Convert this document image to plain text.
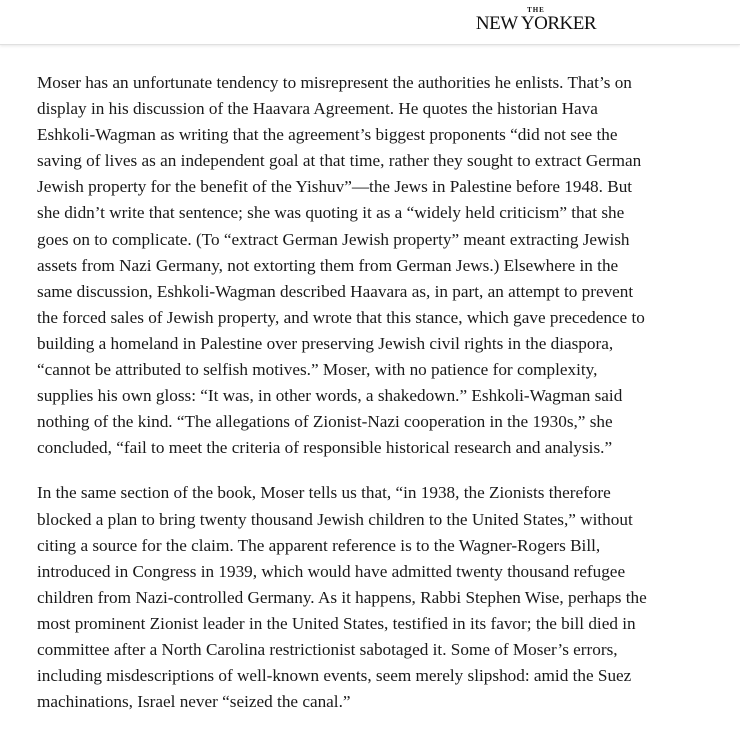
THE
NEW YORKER

Moser has an unfortunate tendency to misrepresent the authorities he enlists. That’s on display in his discussion of the Haavara Agreement. He quotes the historian Hava Eshkoli-Wagman as writing that the agreement’s biggest proponents “did not see the saving of lives as an independent goal at that time, rather they sought to extract German Jewish property for the benefit of the Yishuv”—the Jews in Palestine before 1948. But she didn’t write that sentence; she was quoting it as a “widely held criticism” that she goes on to complicate. (To “extract German Jewish property” meant extracting Jewish assets from Nazi Germany, not extorting them from German Jews.) Elsewhere in the same discussion, Eshkoli-Wagman described Haavara as, in part, an attempt to prevent the forced sales of Jewish property, and wrote that this stance, which gave precedence to building a homeland in Palestine over preserving Jewish civil rights in the diaspora, “cannot be attributed to selfish motives.” Moser, with no patience for complexity, supplies his own gloss: “It was, in other words, a shakedown.” Eshkoli-Wagman said nothing of the kind. “The allegations of Zionist-Nazi cooperation in the 1930s,” she concluded, “fail to meet the criteria of responsible historical research and analysis.”

In the same section of the book, Moser tells us that, “in 1938, the Zionists therefore blocked a plan to bring twenty thousand Jewish children to the United States,” without citing a source for the claim. The apparent reference is to the Wagner-Rogers Bill, introduced in Congress in 1939, which would have admitted twenty thousand refugee children from Nazi-controlled Germany. As it happens, Rabbi Stephen Wise, perhaps the most prominent Zionist leader in the United States, testified in its favor; the bill died in committee after a North Carolina restrictionist sabotaged it. Some of Moser’s errors, including misdescriptions of well-known events, seem merely slipshod: amid the Suez machinations, Israel never “seized the canal.”
